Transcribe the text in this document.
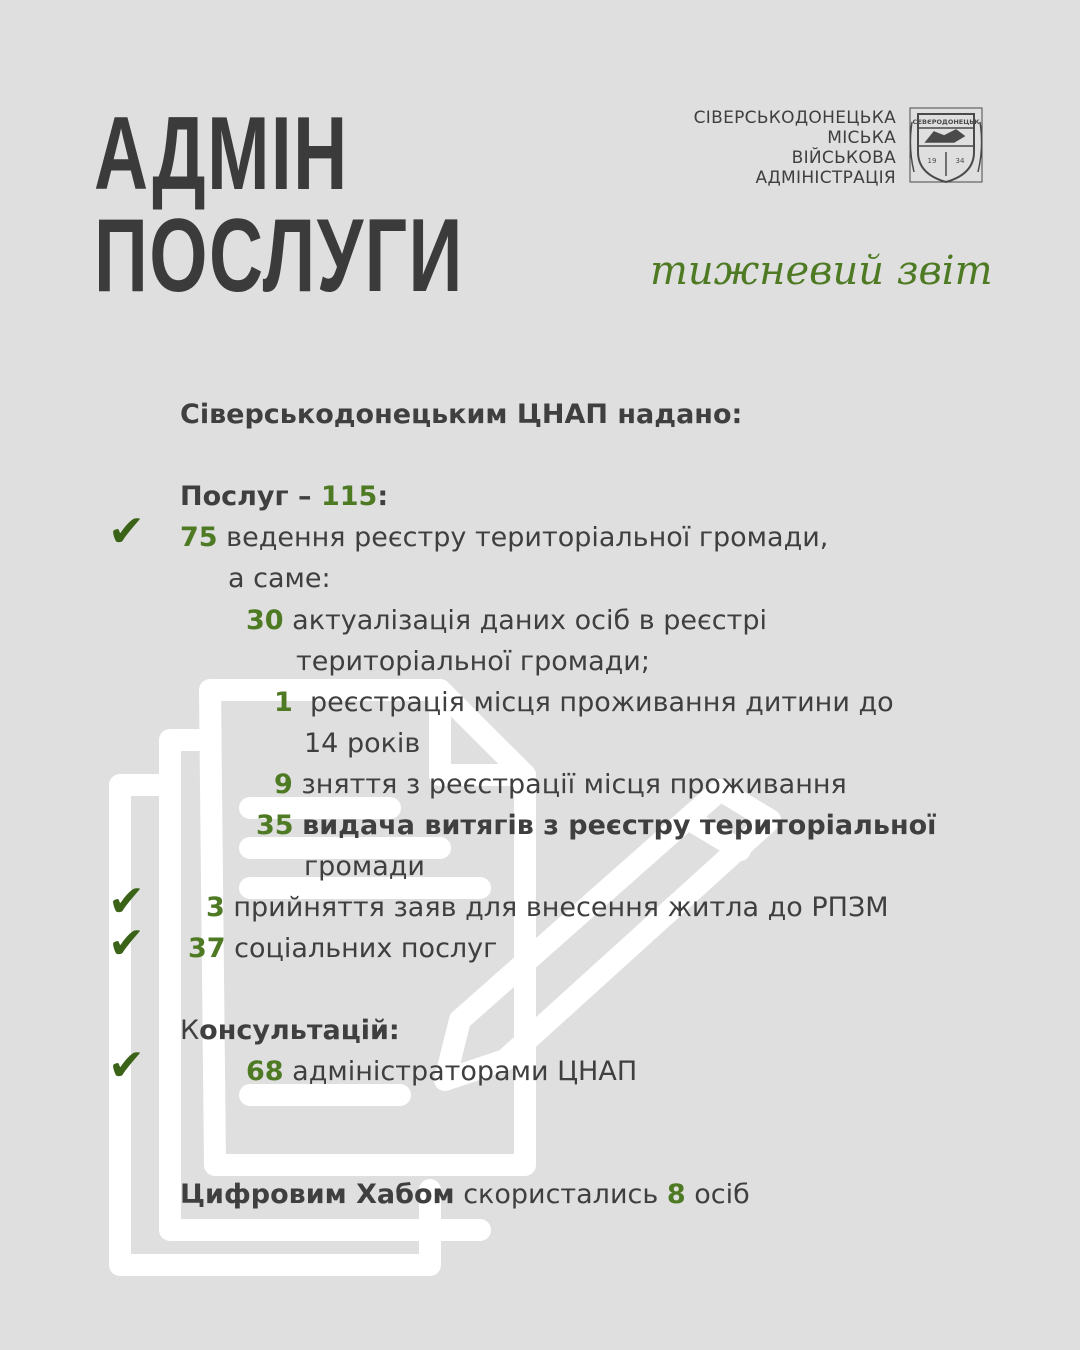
АДМІН
ПОСЛУГИ
СІВЕРСЬКОДОНЕЦЬКА
МІСЬКА
ВІЙСЬКОВА
АДМІНІСТРАЦІЯ
СЄВЄРОДОНЕЦЬК
19	34
тижневий звіт
Сіверськодонецьким ЦНАП надано:
Послуг – 115:
✔ 75 ведення реєстру територіальної громади,
а саме:
30 актуалізація даних осіб в реєстрі
територіальної громади;
1 реєстрація місця проживання дитини до
14 років
9 зняття з реєстрації місця проживання
35 видача витягів з реєстру територіальної
громади
✔ 3 прийняття заяв для внесення житла до РПЗМ
✔ 37 соціальних послуг
Консультацій:
✔	68 адміністраторами ЦНАП
Цифровим Хабом скористались 8 осіб
